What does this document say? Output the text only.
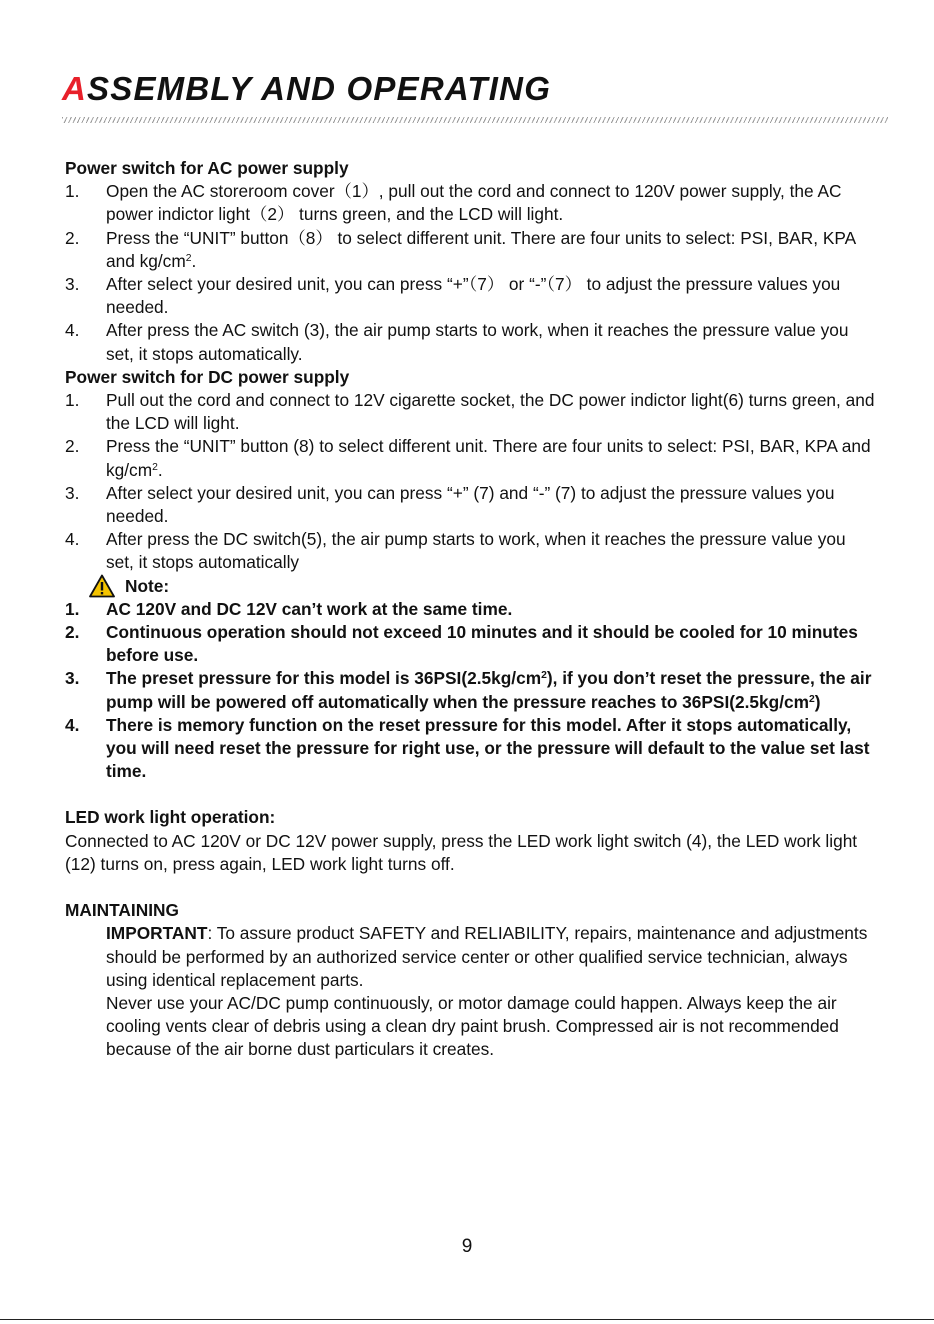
ASSEMBLY AND OPERATING
Power switch for AC power supply
1. Open the AC storeroom cover（1）, pull out the cord and connect to 120V power supply, the AC power indictor light（2） turns green, and the LCD will light.
2. Press the “UNIT” button（8） to select different unit. There are four units to select: PSI, BAR, KPA and $kg/cm^2$.
3. After select your desired unit, you can press “+”（7） or “-”（7） to adjust the pressure values you needed.
4. After press the AC switch (3), the air pump starts to work, when it reaches the pressure value you set, it stops automatically.
Power switch for DC power supply
1. Pull out the cord and connect to 12V cigarette socket, the DC power indictor light(6) turns green, and the LCD will light.
2. Press the “UNIT” button (8) to select different unit. There are four units to select: PSI, BAR, KPA and $kg/cm^2$.
3. After select your desired unit, you can press “+” (7) and “-” (7) to adjust the pressure values you needed.
4. After press the DC switch(5), the air pump starts to work, when it reaches the pressure value you set, it stops automatically
Note:
1. AC 120V and DC 12V can’t work at the same time.
2. Continuous operation should not exceed 10 minutes and it should be cooled for 10 minutes before use.
3. The preset pressure for this model is $36PSI(2.5kg/cm^2)$, if you don’t reset the pressure, the air pump will be powered off automatically when the pressure reaches to $36PSI(2.5kg/cm^2)$
4. There is memory function on the reset pressure for this model. After it stops automatically, you will need reset the pressure for right use, or the pressure will default to the value set last time.
LED work light operation:
Connected to AC 120V or DC 12V power supply, press the LED work light switch (4), the LED work light (12) turns on, press again, LED work light turns off.
MAINTAINING
IMPORTANT: To assure product SAFETY and RELIABILITY, repairs, maintenance and adjustments should be performed by an authorized service center or other qualified service technician, always using identical replacement parts.
Never use your AC/DC pump continuously, or motor damage could happen. Always keep the air cooling vents clear of debris using a clean dry paint brush. Compressed air is not recommended because of the air borne dust particulars it creates.
9
